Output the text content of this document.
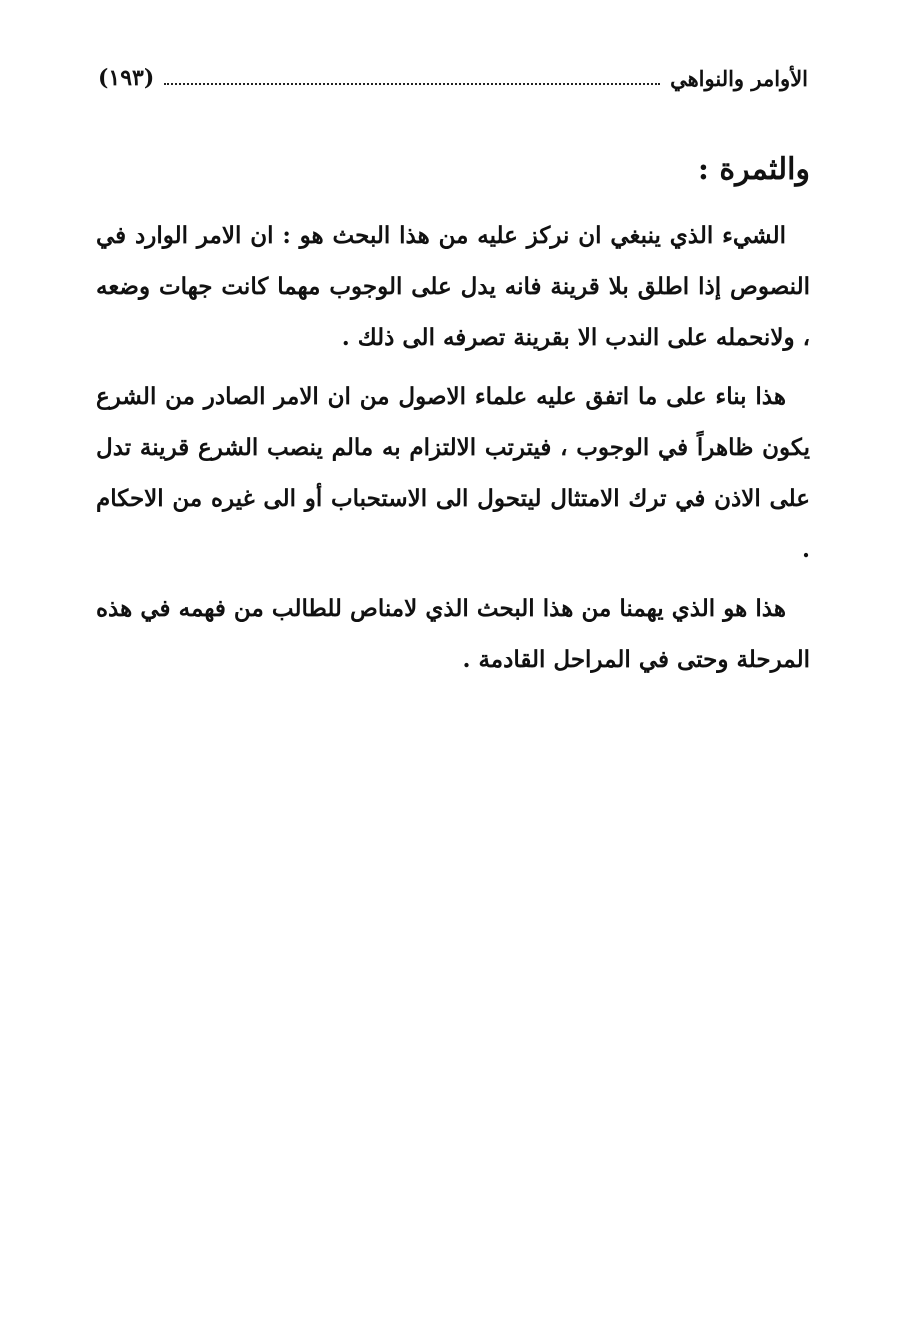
الأوامر والنواهي
(١٩٣)
والثمرة :

الشيء الذي ينبغي ان نركز عليه من هذا البحث هو : ان الامر الوارد في النصوص إذا اطلق بلا قرينة فانه يدل على الوجوب مهما كانت جهات وضعه ، ولانحمله على الندب الا بقرينة تصرفه الى ذلك .

هذا بناء على ما اتفق عليه علماء الاصول من ان الامر الصادر من الشرع يكون ظاهراً في الوجوب ، فيترتب الالتزام به مالم ينصب الشرع قرينة تدل على الاذن في ترك الامتثال ليتحول الى الاستحباب أو الى غيره من الاحكام .

هذا هو الذي يهمنا من هذا البحث الذي لامناص للطالب من فهمه في هذه المرحلة وحتى في المراحل القادمة .
